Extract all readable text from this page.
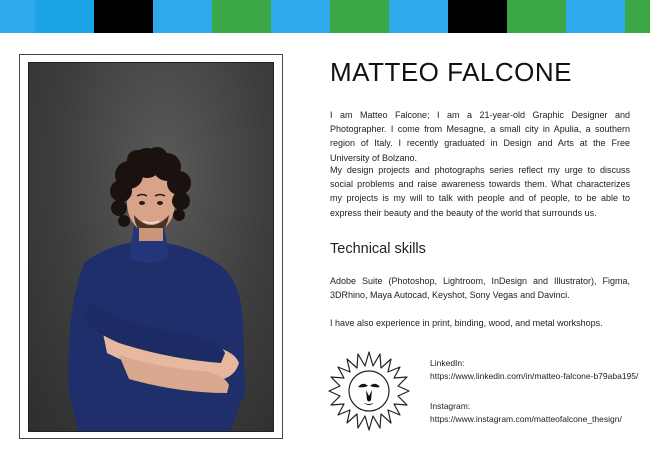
MATTEO FALCONE

I am Matteo Falcone; I am a 21-year-old Graphic Designer and Photographer. I come from Mesagne, a small city in Apulia, a southern region of Italy. I recently graduated in Design and Arts at the Free University of Bolzano.

My design projects and photographs series reflect my urge to discuss social problems and raise awareness towards them. What characterizes my projects is my will to talk with people and of people, to be able to express their beauty and the beauty of the world that surrounds us.

Technical skills

Adobe Suite (Photoshop, Lightroom, InDesign and Illustrator), Figma, 3DRhino, Maya Autocad, Keyshot, Sony Vegas and Davinci.

I have also experience in print, binding, wood, and metal workshops.

LinkedIn:
https://www.linkedin.com/in/matteo-falcone-b79aba195/
Instagram:
https://www.instagram.com/matteofalcone_thesign/
